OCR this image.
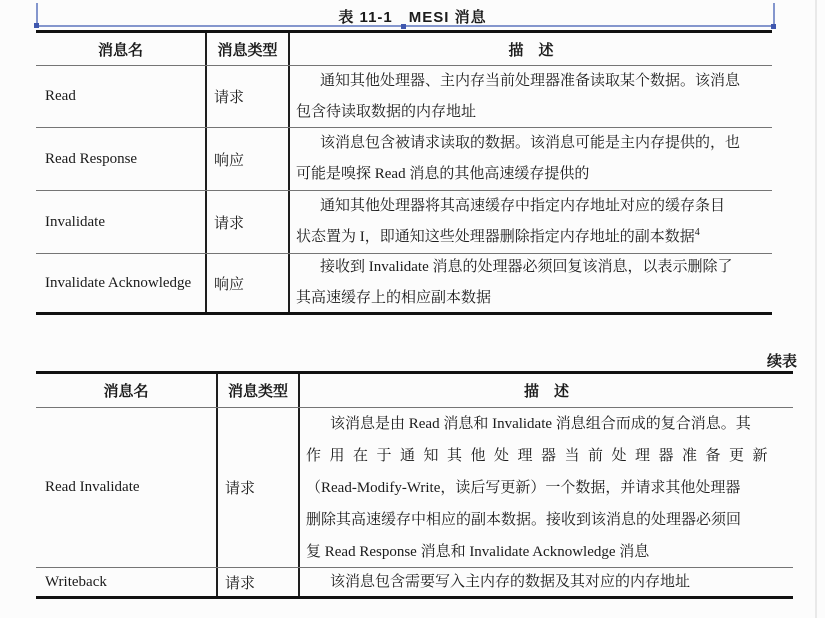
表 11-1　MESI 消息
消息名	消息类型	描　述
Read	请求
通知其他处理器、主内存当前处理器准备读取某个数据。该消息
包含待读取数据的内存地址
Read Response	响应
该消息包含被请求读取的数据。该消息可能是主内存提供的，也
可能是嗅探 Read 消息的其他高速缓存提供的
Invalidate	请求
通知其他处理器将其高速缓存中指定内存地址对应的缓存条目
状态置为 I，即通知这些处理器删除指定内存地址的副本数据$^4$
Invalidate Acknowledge	响应
接收到 Invalidate 消息的处理器必须回复该消息，以表示删除了
其高速缓存上的相应副本数据
续表
消息名	消息类型	描　述
Read Invalidate	请求
该消息是由 Read 消息和 Invalidate 消息组合而成的复合消息。其
作用在于通知其他处理器当前处理器准备更新
（Read-Modify-Write，读后写更新）一个数据，并请求其他处理器
删除其高速缓存中相应的副本数据。接收到该消息的处理器必须回
复 Read Response 消息和 Invalidate Acknowledge 消息
Writeback	请求	该消息包含需要写入主内存的数据及其对应的内存地址
